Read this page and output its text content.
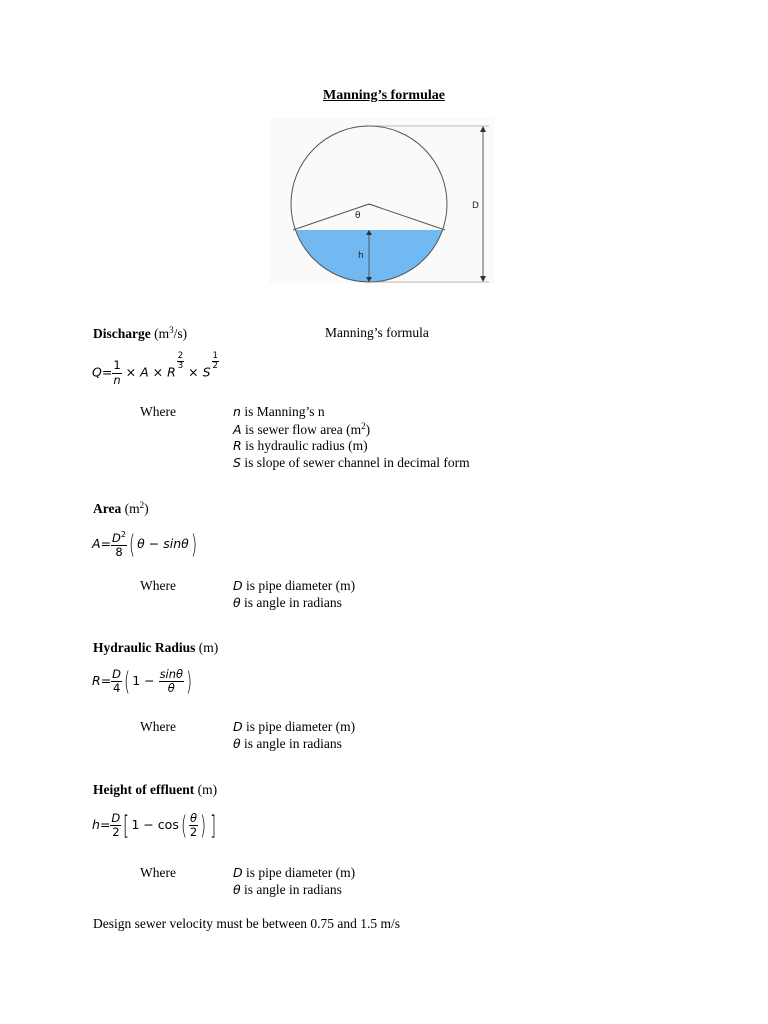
Manning’s formulae
θ
h
D
Discharge $(m^3/s)$	Manning’s formula
$Q= \frac{1}{n} \times A \times R$
$\frac{2}{3}$
× S
$\frac{1}{2}$
Where	n is Manning’s n
A is sewer flow area $(m^2)$
R is hydraulic radius (m)
S is slope of sewer channel in decimal form
Area $(m^2)$
$A= \frac{D^2}{8}$ ( θ − sinθ)
Where	D is pipe diameter (m)
θ is angle in radians
Hydraulic Radius (m)
$R= \frac{D}{4}$ ( $1 - \frac{\sin\theta}{\theta}$ )
Where	D is pipe diameter (m)
θ is angle in radians
Height of effluent (m)
$h= \frac{D}{2}$ [ $1 - \cos( \frac{\theta}{2}$ ) ]
Where	D is pipe diameter (m)
θ is angle in radians
Design sewer velocity must be between 0.75 and 1.5 m/s
